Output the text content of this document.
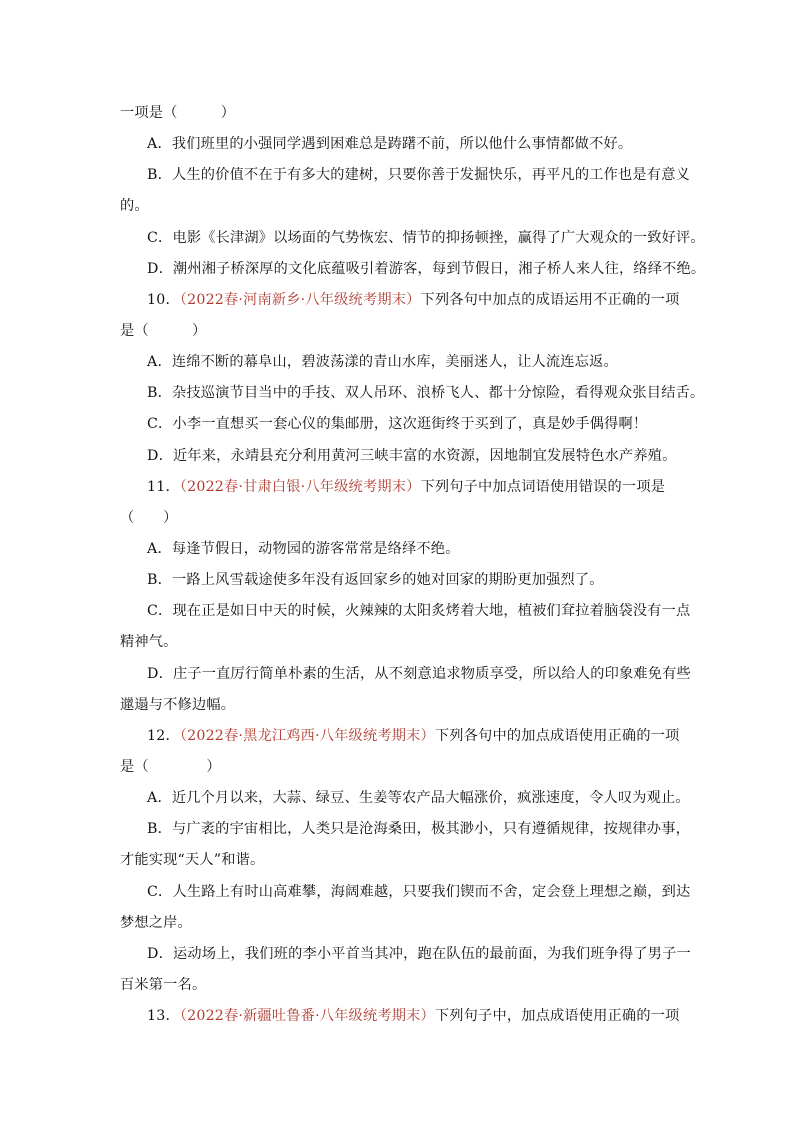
一项是（　　　）
A．我们班里的小强同学遇到困难总是踌躇不前，所以他什么事情都做不好。
B．人生的价值不在于有多大的建树，只要你善于发掘快乐，再平凡的工作也是有意义
的。
C．电影《长津湖》以场面的气势恢宏、情节的抑扬顿挫，赢得了广大观众的一致好评。
D．潮州湘子桥深厚的文化底蕴吸引着游客，每到节假日，湘子桥人来人往，络绎不绝。
10．（2022春·河南新乡·八年级统考期末）下列各句中加点的成语运用不正确的一项
是（　　　）
A．连绵不断的幕阜山，碧波荡漾的青山水库，美丽迷人，让人流连忘返。
B．杂技巡演节目当中的手技、双人吊环、浪桥飞人、都十分惊险，看得观众张目结舌。
C．小李一直想买一套心仪的集邮册，这次逛街终于买到了，真是妙手偶得啊！
D．近年来，永靖县充分利用黄河三峡丰富的水资源，因地制宜发展特色水产养殖。
11．（2022春·甘肃白银·八年级统考期末）下列句子中加点词语使用错误的一项是
（　　）
A．每逢节假日，动物园的游客常常是络绎不绝。
B．一路上风雪载途使多年没有返回家乡的她对回家的期盼更加强烈了。
C．现在正是如日中天的时候，火辣辣的太阳炙烤着大地，植被们耷拉着脑袋没有一点
精神气。
D．庄子一直厉行简单朴素的生活，从不刻意追求物质享受，所以给人的印象难免有些
邋遢与不修边幅。
12．（2022春·黑龙江鸡西·八年级统考期末）下列各句中的加点成语使用正确的一项
是（　　　　）
A．近几个月以来，大蒜、绿豆、生姜等农产品大幅涨价，疯涨速度，令人叹为观止。
B．与广袤的宇宙相比，人类只是沧海桑田，极其渺小，只有遵循规律，按规律办事，
才能实现“天人”和谐。
C．人生路上有时山高难攀，海阔难越，只要我们锲而不舍，定会登上理想之巅，到达
梦想之岸。
D．运动场上，我们班的李小平首当其冲，跑在队伍的最前面，为我们班争得了男子一
百米第一名。
13．（2022春·新疆吐鲁番·八年级统考期末）下列句子中，加点成语使用正确的一项
